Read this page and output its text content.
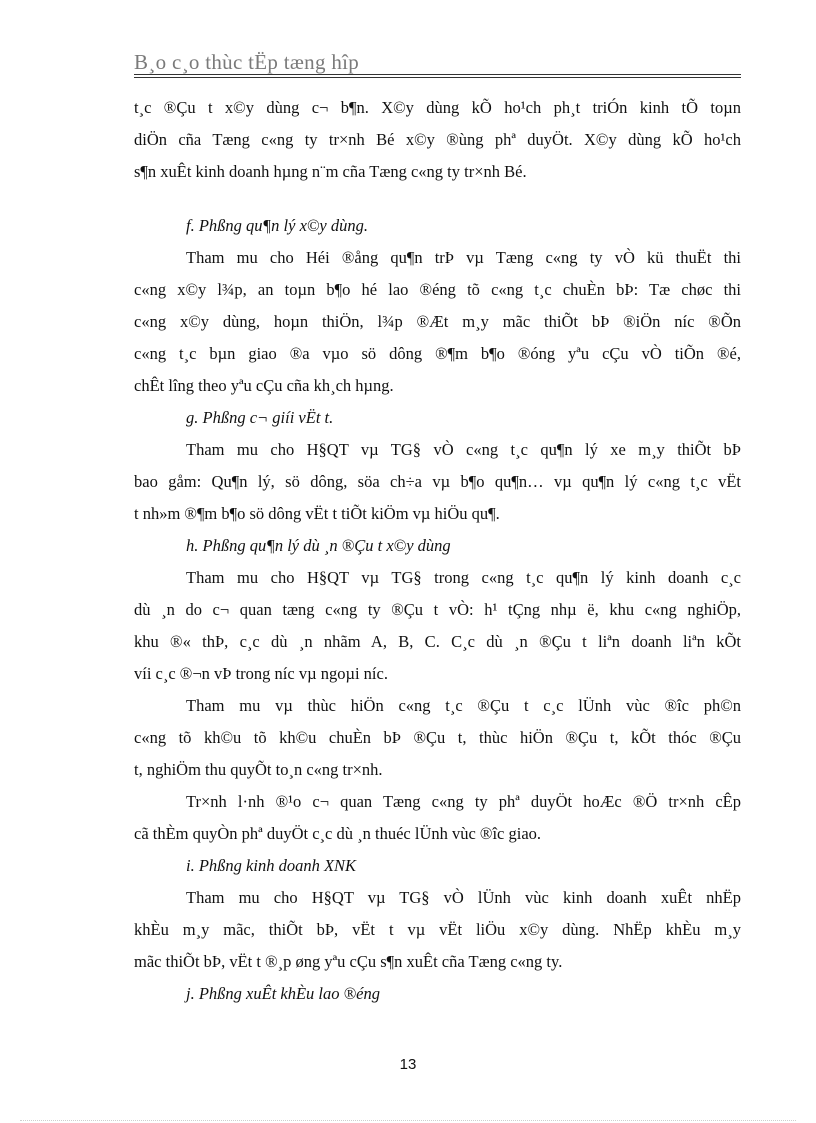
B¸o c¸o thùc tËp tæng hîp
t¸c ®Çu t x©y dùng c¬ b¶n. X©y dùng kÕ ho¹ch ph¸t triÓn kinh tÕ toµn
diÖn cña Tæng c«ng ty tr×nh Bé x©y ®ùng phª duyÖt. X©y dùng kÕ ho¹ch
s¶n xuÊt kinh doanh hµng n¨m cña Tæng c«ng ty tr×nh Bé.
f. Phßng qu¶n lý x©y dùng.
Tham mu cho Héi ®ång qu¶n trÞ vµ Tæng c«ng ty vÒ kü thuËt thi
c«ng x©y l¾p, an toµn b¶o hé lao ®éng tõ c«ng t¸c chuÈn bÞ: Tæ chøc thi
c«ng x©y dùng, hoµn thiÖn, l¾p ®Æt m¸y mãc thiÕt bÞ ®iÖn níc ®Õn
c«ng t¸c bµn giao ®a vµo sö dông ®¶m b¶o ®óng yªu cÇu vÒ tiÕn ®é,
chÊt lîng theo yªu cÇu cña kh¸ch hµng.
g. Phßng c¬ giíi vËt t.
Tham mu cho H§QT vµ TG§ vÒ c«ng t¸c qu¶n lý xe m¸y thiÕt bÞ
bao gåm: Qu¶n lý, sö dông, söa ch÷a vµ b¶o qu¶n… vµ qu¶n lý c«ng t¸c vËt
t nh»m ®¶m b¶o sö dông vËt t tiÕt kiÖm vµ hiÖu qu¶.
h. Phßng qu¶n lý dù ¸n ®Çu t x©y dùng
Tham mu cho H§QT vµ TG§ trong c«ng t¸c qu¶n lý kinh doanh c¸c
dù ¸n do c¬ quan tæng c«ng ty ®Çu t vÒ: h¹ tÇng nhµ ë, khu c«ng nghiÖp,
khu ®« thÞ, c¸c dù ¸n nhãm A, B, C. C¸c dù ¸n ®Çu t liªn doanh liªn kÕt
víi c¸c ®¬n vÞ trong níc vµ ngoµi níc.
Tham mu vµ thùc hiÖn c«ng t¸c ®Çu t c¸c lÜnh vùc ®îc ph©n
c«ng tõ kh©u tõ kh©u chuÈn bÞ ®Çu t, thùc hiÖn ®Çu t, kÕt thóc ®Çu
t, nghiÖm thu quyÕt to¸n c«ng tr×nh.
Tr×nh l·nh ®¹o c¬ quan Tæng c«ng ty phª duyÖt hoÆc ®Ö tr×nh cÊp
cã thÈm quyÒn phª duyÖt c¸c dù ¸n thuéc lÜnh vùc ®îc giao.
i. Phßng kinh doanh XNK
Tham mu cho H§QT vµ TG§ vÒ lÜnh vùc kinh doanh xuÊt nhËp
khÈu m¸y mãc, thiÕt bÞ, vËt t vµ vËt liÖu x©y dùng. NhËp khÈu m¸y
mãc thiÕt bÞ, vËt t ®¸p øng yªu cÇu s¶n xuÊt cña Tæng c«ng ty.
j. Phßng xuÊt khÈu lao ®éng
13
